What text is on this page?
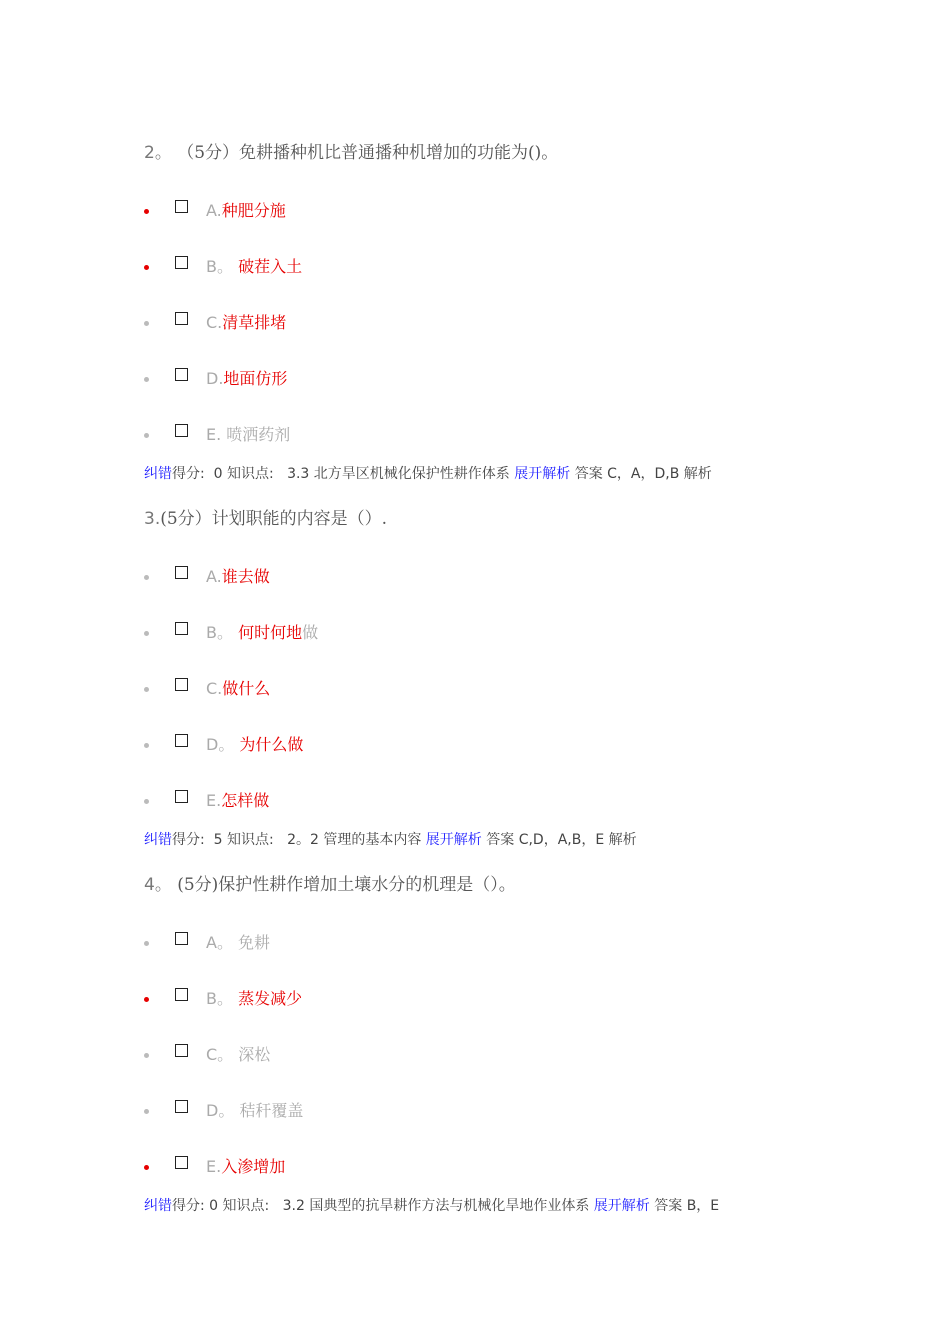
2。 （5分）免耕播种机比普通播种机增加的功能为()。
A.种肥分施
B。 破茬入土
C.清草排堵
D.地面仿形
E. 喷洒药剂
纠错得分: 0 知识点: 3.3 北方旱区机械化保护性耕作体系 展开解析 答案 C，A，D,B 解析
3.(5分）计划职能的内容是（）.
A.谁去做
B。 何时何地做
C.做什么
D。 为什么做
E.怎样做
纠错得分: 5 知识点: 2。2 管理的基本内容 展开解析 答案 C,D，A,B，E 解析
4。 (5分)保护性耕作增加土壤水分的机理是（）。
A。 免耕
B。 蒸发减少
C。 深松
D。 秸秆覆盖
E.入渗增加
纠错得分: 0 知识点: 3.2 国典型的抗旱耕作方法与机械化旱地作业体系 展开解析 答案 B，E
